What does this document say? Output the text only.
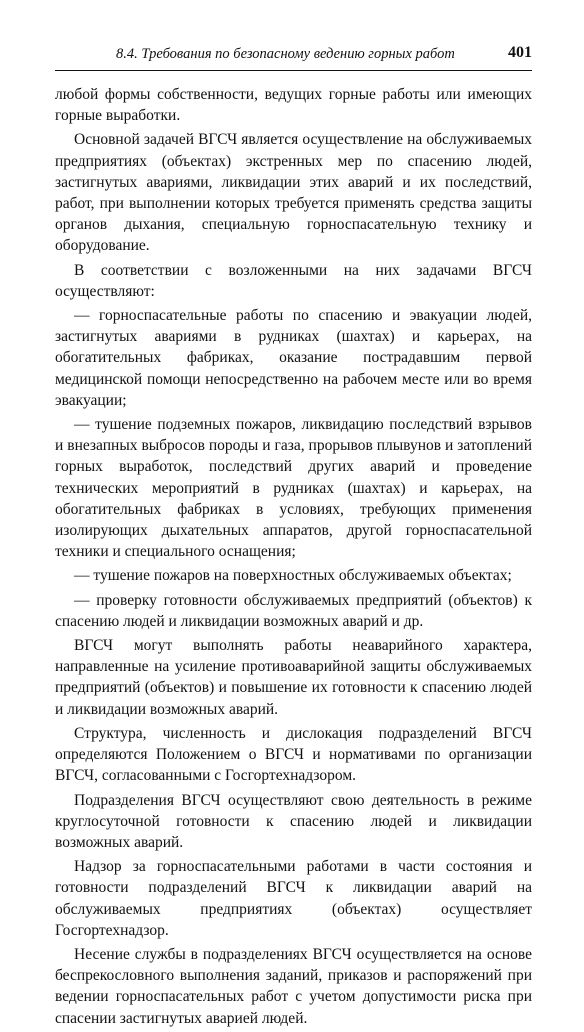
8.4. Требования по безопасному ведению горных работ	401

любой формы собственности, ведущих горные работы или имеющих горные выработки.

Основной задачей ВГСЧ является осуществление на обслуживаемых предприятиях (объектах) экстренных мер по спасению людей, застигнутых авариями, ликвидации этих аварий и их последствий, работ, при выполнении которых требуется применять средства защиты органов дыхания, специальную горноспасательную технику и оборудование.

В соответствии с возложенными на них задачами ВГСЧ осуществляют:

— горноспасательные работы по спасению и эвакуации людей, застигнутых авариями в рудниках (шахтах) и карьерах, на обогатительных фабриках, оказание пострадавшим первой медицинской помощи непосредственно на рабочем месте или во время эвакуации;

— тушение подземных пожаров, ликвидацию последствий взрывов и внезапных выбросов породы и газа, прорывов плывунов и затоплений горных выработок, последствий других аварий и проведение технических мероприятий в рудниках (шахтах) и карьерах, на обогатительных фабриках в условиях, требующих применения изолирующих дыхательных аппаратов, другой горноспасательной техники и специального оснащения;

— тушение пожаров на поверхностных обслуживаемых объектах;

— проверку готовности обслуживаемых предприятий (объектов) к спасению людей и ликвидации возможных аварий и др.

ВГСЧ могут выполнять работы неаварийного характера, направленные на усиление противоаварийной защиты обслуживаемых предприятий (объектов) и повышение их готовности к спасению людей и ликвидации возможных аварий.

Структура, численность и дислокация подразделений ВГСЧ определяются Положением о ВГСЧ и нормативами по организации ВГСЧ, согласованными с Госгортехнадзором.

Подразделения ВГСЧ осуществляют свою деятельность в режиме круглосуточной готовности к спасению людей и ликвидации возможных аварий.

Надзор за горноспасательными работами в части состояния и готовности подразделений ВГСЧ к ликвидации аварий на обслуживаемых предприятиях (объектах) осуществляет Госгортехнадзор.

Несение службы в подразделениях ВГСЧ осуществляется на основе беспрекословного выполнения заданий, приказов и распоряжений при ведении горноспасательных работ с учетом допустимости риска при спасении застигнутых аварией людей.
